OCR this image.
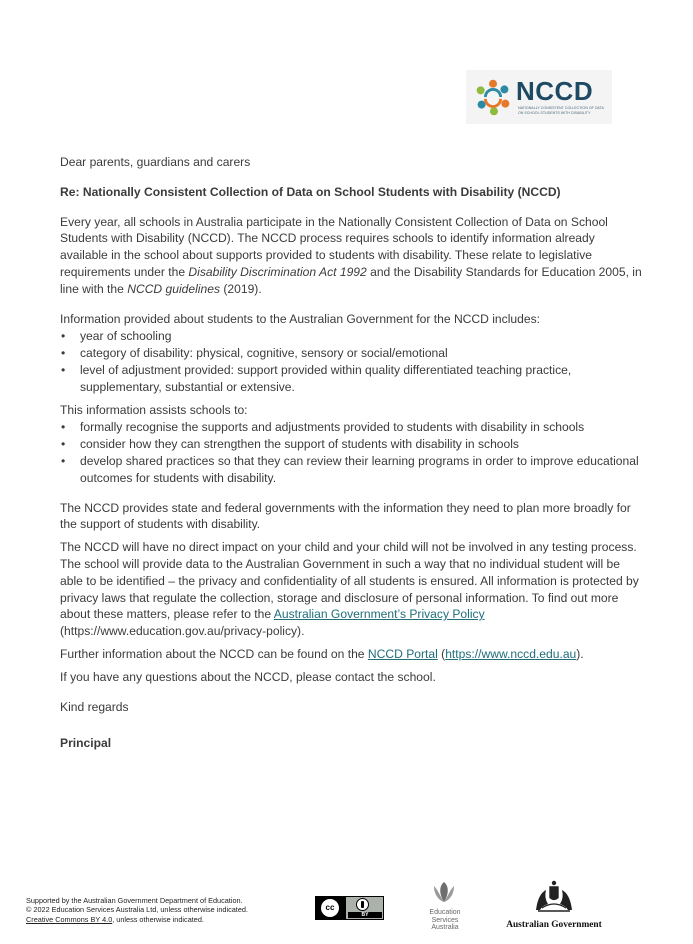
NCCD
NATIONALLY CONSISTENT COLLECTION OF DATA ON SCHOOL STUDENTS WITH DISABILITY

Dear parents, guardians and carers

Re: Nationally Consistent Collection of Data on School Students with Disability (NCCD)

Every year, all schools in Australia participate in the Nationally Consistent Collection of Data on School Students with Disability (NCCD). The NCCD process requires schools to identify information already available in the school about supports provided to students with disability. These relate to legislative requirements under the Disability Discrimination Act 1992 and the Disability Standards for Education 2005, in line with the NCCD guidelines (2019).

Information provided about students to the Australian Government for the NCCD includes:

• year of schooling
• category of disability: physical, cognitive, sensory or social/emotional
• level of adjustment provided: support provided within quality differentiated teaching practice, supplementary, substantial or extensive.

This information assists schools to:

• formally recognise the supports and adjustments provided to students with disability in schools
• consider how they can strengthen the support of students with disability in schools
• develop shared practices so that they can review their learning programs in order to improve educational outcomes for students with disability.

The NCCD provides state and federal governments with the information they need to plan more broadly for the support of students with disability.

The NCCD will have no direct impact on your child and your child will not be involved in any testing process. The school will provide data to the Australian Government in such a way that no individual student will be able to be identified – the privacy and confidentiality of all students is ensured. All information is protected by privacy laws that regulate the collection, storage and disclosure of personal information. To find out more about these matters, please refer to the Australian Government’s Privacy Policy
(https://www.education.gov.au/privacy-policy).

Further information about the NCCD can be found on the NCCD Portal (https://www.nccd.edu.au).

If you have any questions about the NCCD, please contact the school.

Kind regards

Principal

Supported by the Australian Government Department of Education.
© 2022 Education Services Australia Ltd, unless otherwise indicated.
Creative Commons BY 4.0, unless otherwise indicated.
cc
BY	Education
Services
Australia	Australian Government
